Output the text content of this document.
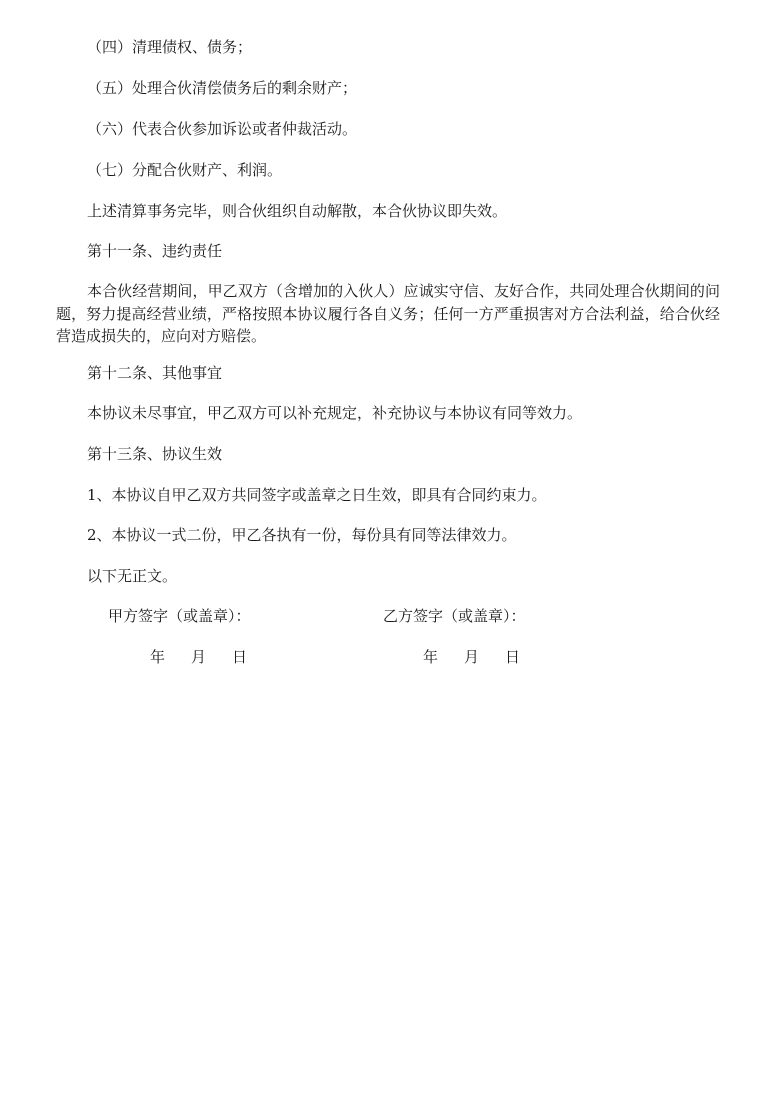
（四）清理债权、债务；
（五）处理合伙清偿债务后的剩余财产；
（六）代表合伙参加诉讼或者仲裁活动。
（七）分配合伙财产、利润。
上述清算事务完毕，则合伙组织自动解散，本合伙协议即失效。
第十一条、违约责任
本合伙经营期间，甲乙双方（含增加的入伙人）应诚实守信、友好合作，共同处理合伙期间的问题，努力提高经营业绩，严格按照本协议履行各自义务；任何一方严重损害对方合法利益，给合伙经营造成损失的，应向对方赔偿。
第十二条、其他事宜
本协议未尽事宜，甲乙双方可以补充规定，补充协议与本协议有同等效力。
第十三条、协议生效
1、本协议自甲乙双方共同签字或盖章之日生效，即具有合同约束力。
2、本协议一式二份，甲乙各执有一份，每份具有同等法律效力。
以下无正文。
甲方签字（或盖章）：	乙方签字（或盖章）：
年 月 日	年 月 日
